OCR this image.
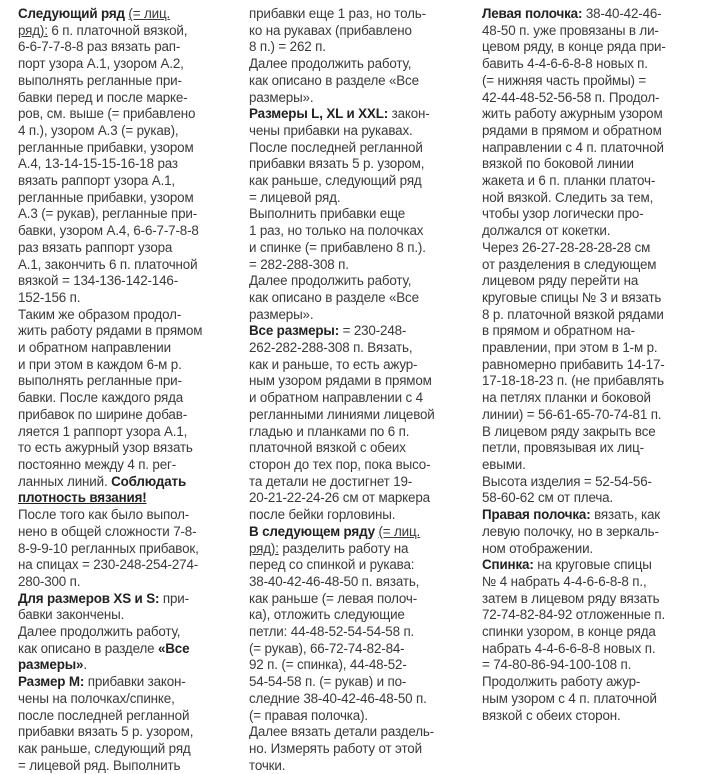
Следующий ряд (= лиц.
ряд): 6 п. платочной вязкой,
6-6-7-7-8-8 раз вязать рап-
порт узора A.1, узором A.2,
выполнять регланные при-
бавки перед и после марке-
ров, см. выше (= прибавлено
4 п.), узором A.3 (= рукав),
регланные прибавки, узором
A.4, 13-14-15-15-16-18 раз
вязать раппорт узора A.1,
регланные прибавки, узором
A.3 (= рукав), регланные при-
бавки, узором A.4, 6-6-7-7-8-8
раз вязать раппорт узора
A.1, закончить 6 п. платочной
вязкой = 134-136-142-146-
152-156 п.

Таким же образом продол-
жить работу рядами в прямом
и обратном направлении
и при этом в каждом 6-м р.
выполнять регланные при-
бавки. После каждого ряда
прибавок по ширине добав-
ляется 1 раппорт узора A.1,
то есть ажурный узор вязать
постоянно между 4 п. рег-
ланных линий. Соблюдать
плотность вязания!

После того как было выпол-
нено в общей сложности 7-8-
8-9-9-10 регланных прибавок,
на спицах = 230-248-254-274-
280-300 п.

Для размеров XS и S: при-
бавки закончены.
Далее продолжить работу,
как описано в разделе «Все
размеры».

Размер M: прибавки закон-
чены на полочках/спинке,
после последней регланной
прибавки вязать 5 р. узором,
как раньше, следующий ряд
= лицевой ряд. Выполнить

прибавки еще 1 раз, но толь-
ко на рукавах (прибавлено
8 п.) = 262 п.
Далее продолжить работу,
как описано в разделе «Все
размеры».

Размеры L, XL и XXL: закон-
чены прибавки на рукавах.
После последней регланной
прибавки вязать 5 р. узором,
как раньше, следующий ряд
= лицевой ряд.
Выполнить прибавки еще
1 раз, но только на полочках
и спинке (= прибавлено 8 п.).
= 282-288-308 п.
Далее продолжить работу,
как описано в разделе «Все
размеры».

Все размеры: = 230-248-
262-282-288-308 п. Вязать,
как и раньше, то есть ажур-
ным узором рядами в прямом
и обратном направлении с 4
регланными линиями лицевой
гладью и планками по 6 п.
платочной вязкой с обеих
сторон до тех пор, пока высо-
та детали не достигнет 19-
20-21-22-24-26 см от маркера
после бейки горловины.

В следующем ряду (= лиц.
ряд): разделить работу на
перед со спинкой и рукава:
38-40-42-46-48-50 п. вязать,
как раньше (= левая полоч-
ка), отложить следующие
петли: 44-48-52-54-54-58 п.
(= рукав), 66-72-74-82-84-
92 п. (= спинка), 44-48-52-
54-54-58 п. (= рукав) и по-
следние 38-40-42-46-48-50 п.
(= правая полочка).
Далее вязать детали раздель-
но. Измерять работу от этой
точки.

Левая полочка: 38-40-42-46-
48-50 п. уже провязаны в ли-
цевом ряду, в конце ряда при-
бавить 4-4-6-6-8-8 новых п.
(= нижняя часть проймы) =
42-44-48-52-56-58 п. Продол-
жить работу ажурным узором
рядами в прямом и обратном
направлении с 4 п. платочной
вязкой по боковой линии
жакета и 6 п. планки платоч-
ной вязкой. Следить за тем,
чтобы узор логически про-
должался от кокетки.
Через 26-27-28-28-28-28 см
от разделения в следующем
лицевом ряду перейти на
круговые спицы № 3 и вязать
8 р. платочной вязкой рядами
в прямом и обратном на-
правлении, при этом в 1-м р.
равномерно прибавить 14-17-
17-18-18-23 п. (не прибавлять
на петлях планки и боковой
линии) = 56-61-65-70-74-81 п.
В лицевом ряду закрыть все
петли, провязывая их лиц-
евыми.
Высота изделия = 52-54-56-
58-60-62 см от плеча.

Правая полочка: вязать, как
левую полочку, но в зеркаль-
ном отображении.

Спинка: на круговые спицы
№ 4 набрать 4-4-6-6-8-8 п.,
затем в лицевом ряду вязать
72-74-82-84-92 отложенные п.
спинки узором, в конце ряда
набрать 4-4-6-6-8-8 новых п.
= 74-80-86-94-100-108 п.
Продолжить работу ажур-
ным узором с 4 п. платочной
вязкой с обеих сторон.
